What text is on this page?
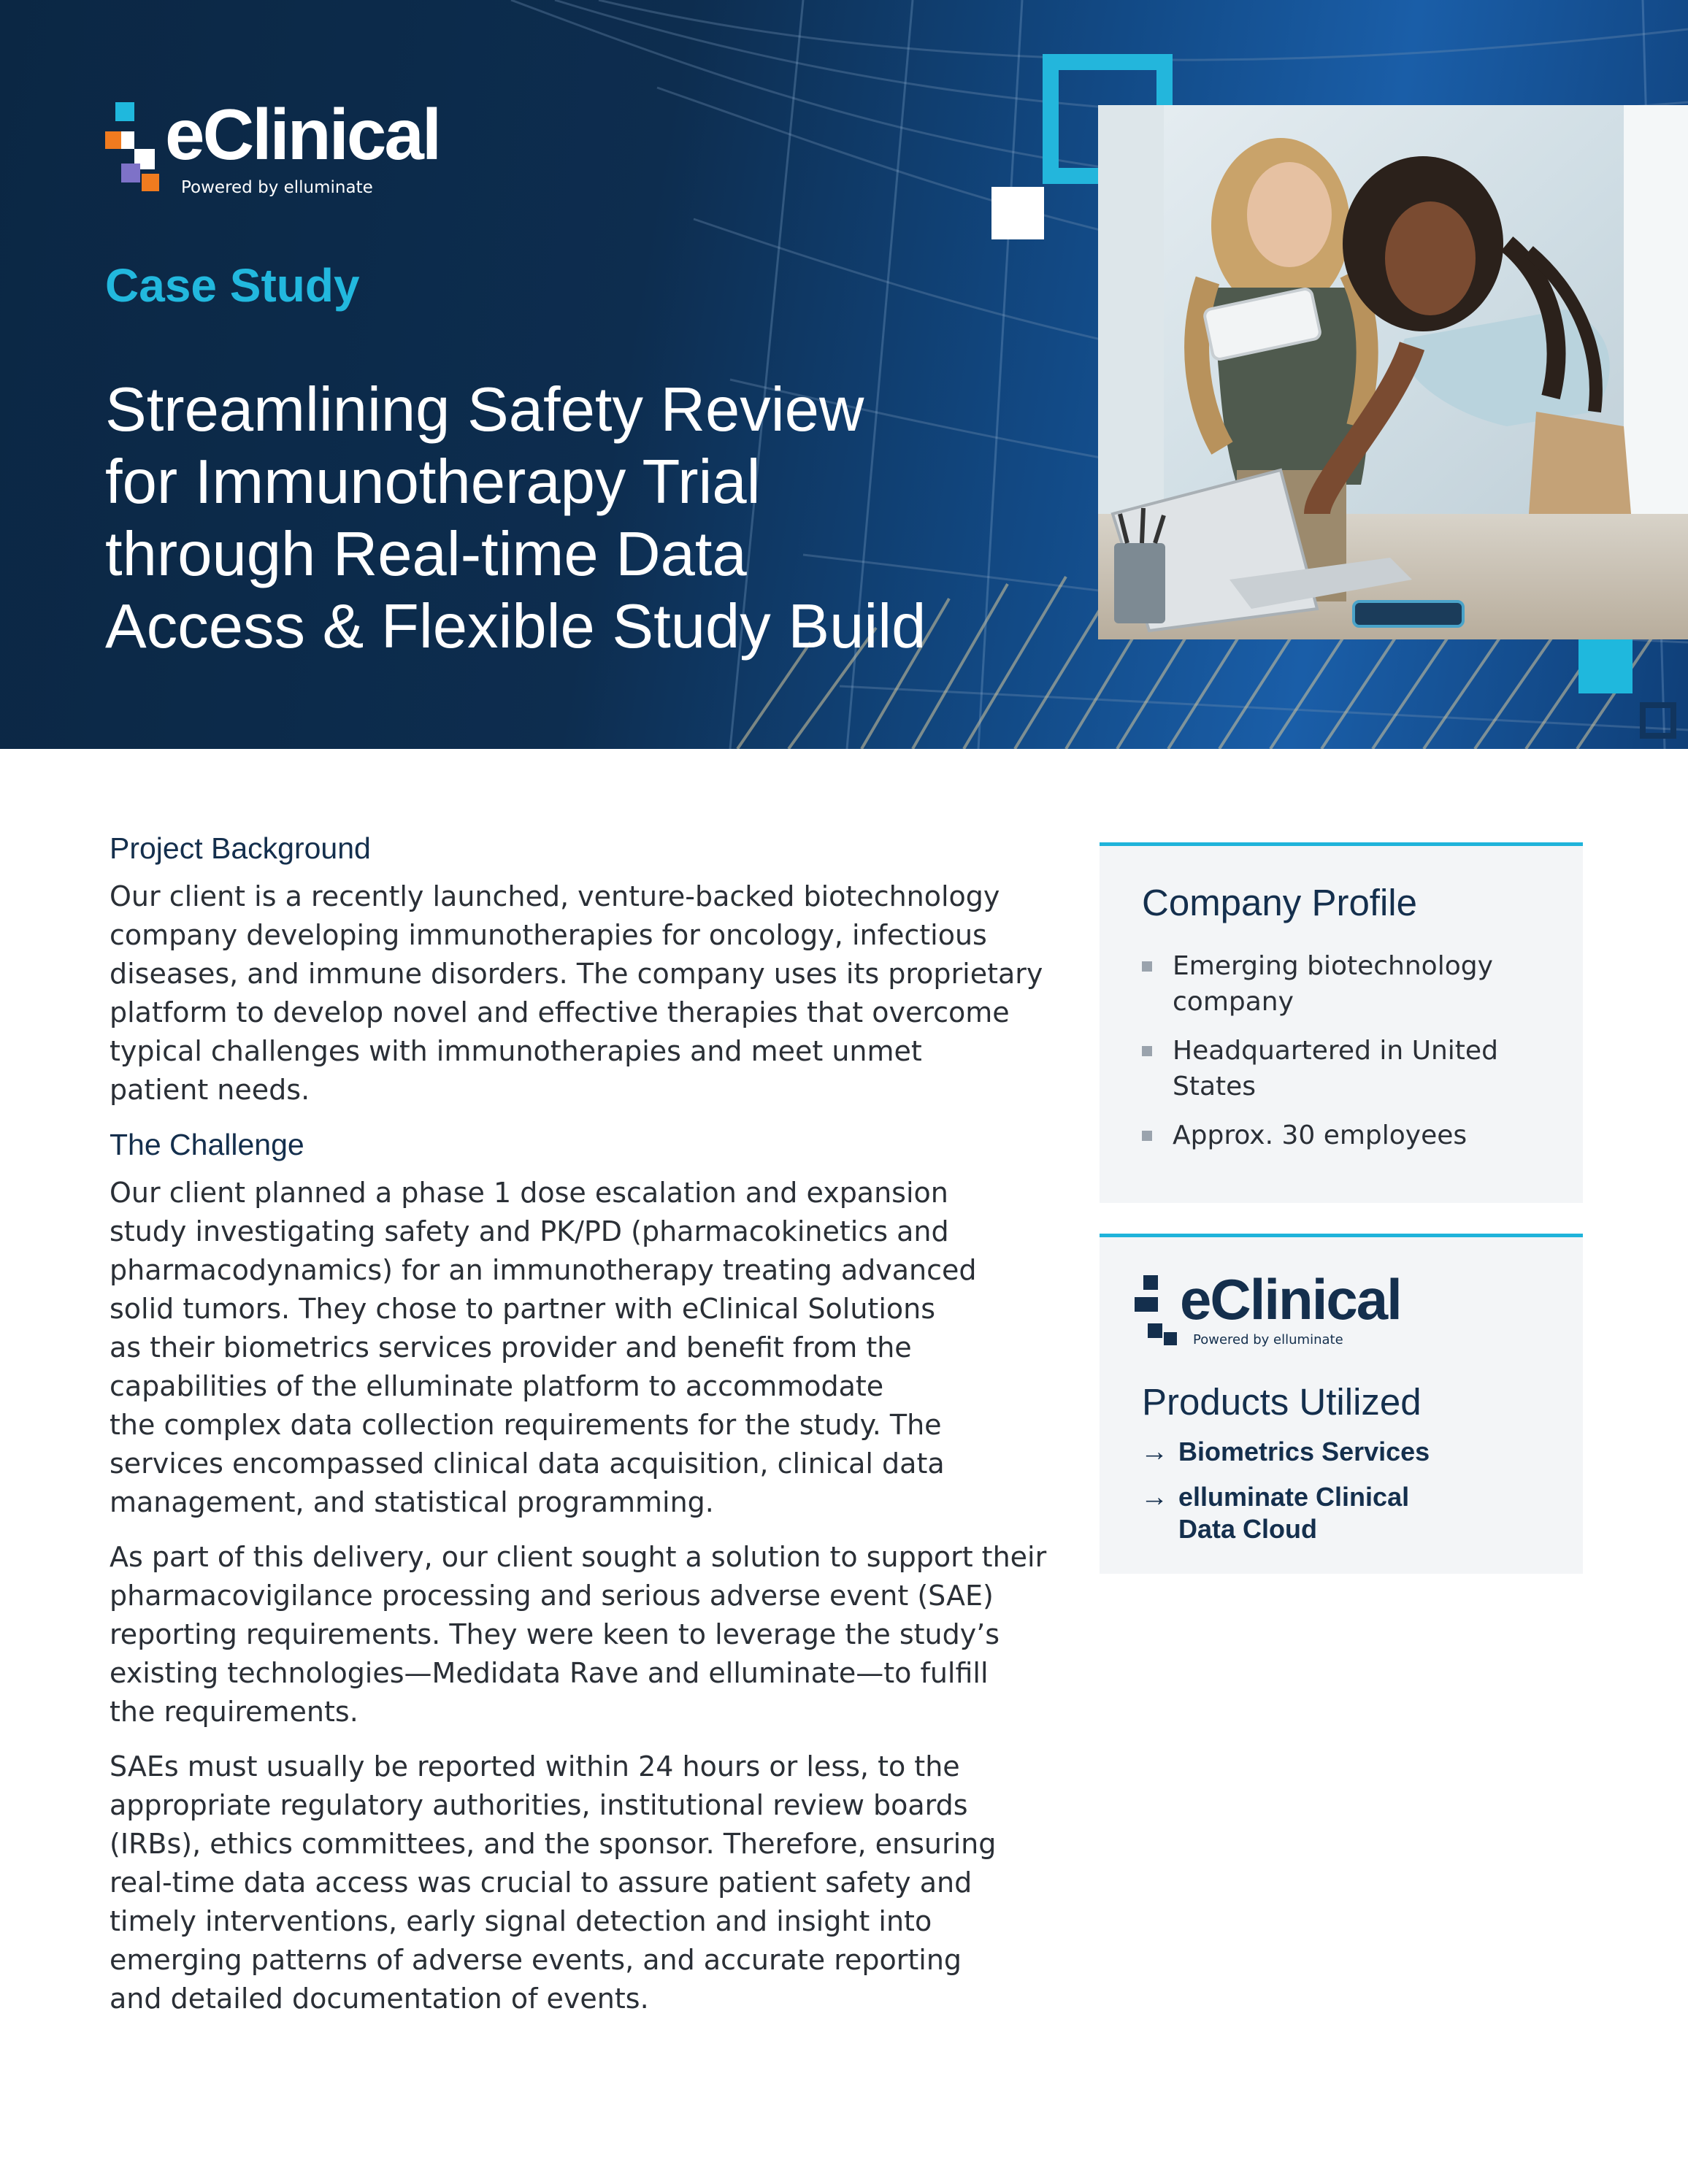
eClinical
Powered by elluminate
Case Study
Streamlining Safety Review
for Immunotherapy Trial
through Real-time Data
Access & Flexible Study Build
Project Background

Our client is a recently launched, venture-backed biotechnology
company developing immunotherapies for oncology, infectious
diseases, and immune disorders. The company uses its proprietary
platform to develop novel and effective therapies that overcome
typical challenges with immunotherapies and meet unmet
patient needs.

The Challenge

Our client planned a phase 1 dose escalation and expansion
study investigating safety and PK/PD (pharmacokinetics and
pharmacodynamics) for an immunotherapy treating advanced
solid tumors. They chose to partner with eClinical Solutions
as their biometrics services provider and benefit from the
capabilities of the elluminate platform to accommodate
the complex data collection requirements for the study. The
services encompassed clinical data acquisition, clinical data
management, and statistical programming.

As part of this delivery, our client sought a solution to support their
pharmacovigilance processing and serious adverse event (SAE)
reporting requirements. They were keen to leverage the study’s
existing technologies—Medidata Rave and elluminate—to fulfill
the requirements.

SAEs must usually be reported within 24 hours or less, to the
appropriate regulatory authorities, institutional review boards
(IRBs), ethics committees, and the sponsor. Therefore, ensuring
real-time data access was crucial to assure patient safety and
timely interventions, early signal detection and insight into
emerging patterns of adverse events, and accurate reporting
and detailed documentation of events.

Company Profile
Emerging biotechnology
company
Headquartered in United
States
Approx. 30 employees
eClinical
Powered by elluminate
Products Utilized
→ Biometrics Services
→ elluminate Clinical
Data Cloud
